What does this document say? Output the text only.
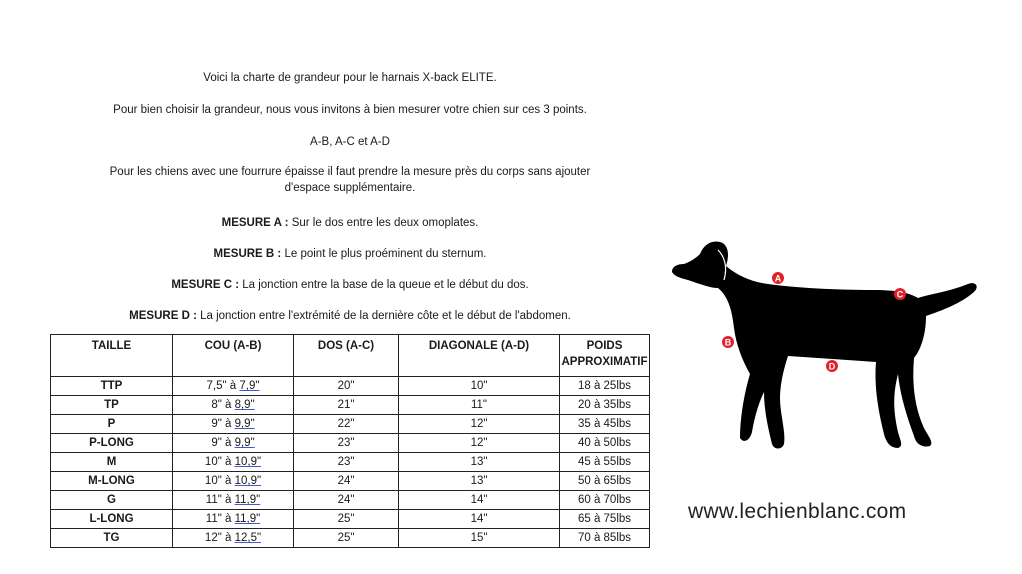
Voici la charte de grandeur pour le harnais X-back ELITE.

Pour bien choisir la grandeur, nous vous invitons à bien mesurer votre chien sur ces 3 points.

A-B, A-C et A-D

Pour les chiens avec une fourrure épaisse il faut prendre la mesure près du corps sans ajouter
d'espace supplémentaire.

MESURE A : Sur le dos entre les deux omoplates.

MESURE B : Le point le plus proéminent du sternum.

MESURE C : La jonction entre la base de la queue et le début du dos.

MESURE D : La jonction entre l'extrémité de la dernière côte et le début de l'abdomen.

TAILLE	COU (A-B)	DOS (A-C)	DIAGONALE (A-D)	POIDS
APPROXIMATIF
TTP	7,5" à 7,9"	20"	10"	18 à 25lbs
TP	8" à 8,9"	21"	11"	20 à 35lbs
P	9" à 9,9"	22"	12"	35 à 45lbs
P-LONG	9" à 9,9"	23"	12"	40 à 50lbs
M	10" à 10,9"	23"	13"	45 à 55lbs
M-LONG	10" à 10,9"	24"	13"	50 à 65lbs
G	11" à 11,9"	24"	14"	60 à 70lbs
L-LONG	11" à 11,9"	25"	14"	65 à 75lbs
TG	12" à 12,5"	25"	15"	70 à 85lbs
A
B
C
D
www.lechienblanc.com
